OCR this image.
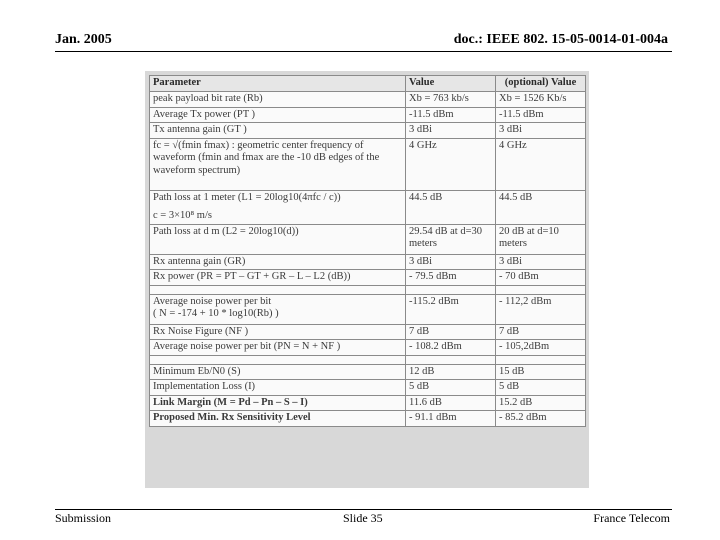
Jan. 2005	doc.: IEEE 802. 15-05-0014-01-004a
Parameter	Value	(optional) Value
peak payload bit rate (Rb)	Xb = 763 kb/s	Xb = 1526 Kb/s
Average Tx power (PT )	-11.5 dBm	-11.5 dBm
Tx antenna gain (GT )	3 dBi	3 dBi
fc = √(fmin fmax) : geometric center frequency of waveform (fmin and fmax are the -10 dB edges of the waveform spectrum)	4 GHz	4 GHz

Path loss at 1 meter (L1 = 20log10(4πfc / c))
c = 3×10⁸ m/s	44.5 dB	44.5 dB
Path loss at d m (L2 = 20log10(d))	29.54 dB at d=30 meters	20 dB at d=10 meters
Rx antenna gain (GR)	3 dBi	3 dBi
Rx power (PR = PT – GT + GR – L – L2 (dB))	- 79.5 dBm	- 70 dBm

Average noise power per bit
( N = -174 + 10 * log10(Rb) )	-115.2 dBm	- 112,2 dBm
Rx Noise Figure (NF )	7 dB	7 dB
Average noise power per bit (PN = N + NF )	- 108.2 dBm	- 105,2dBm

Minimum Eb/N0 (S)	12 dB	15 dB
Implementation Loss (I)	5 dB	5 dB
Link Margin (M = Pd – Pn – S – I)	11.6 dB	15.2 dB
Proposed Min. Rx Sensitivity Level	- 91.1 dBm	- 85.2 dBm
Submission	Slide 35	France Telecom
